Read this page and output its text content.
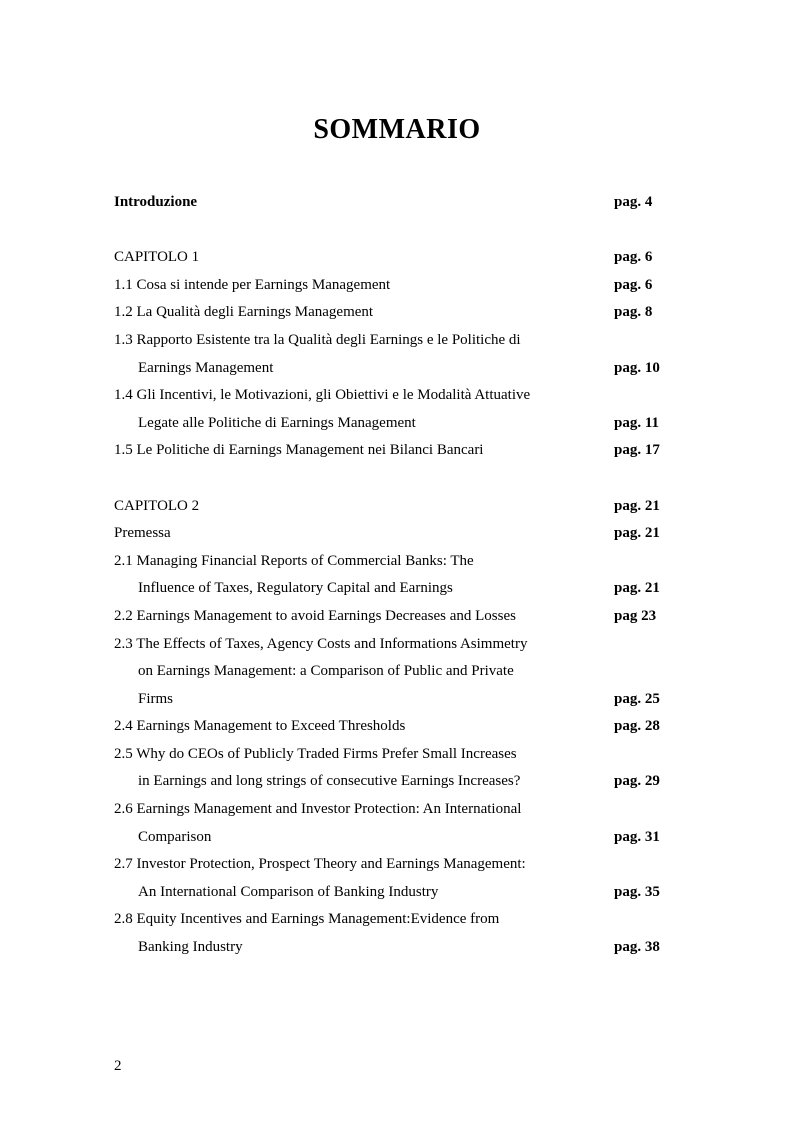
SOMMARIO
Introduzione	pag. 4
CAPITOLO 1	pag. 6
1.1 Cosa si intende per Earnings Management	pag. 6
1.2 La Qualità degli Earnings Management	pag. 8
1.3 Rapporto Esistente tra la Qualità degli Earnings e le Politiche di
Earnings Management	pag. 10
1.4 Gli Incentivi, le Motivazioni, gli Obiettivi e le Modalità Attuative
Legate alle Politiche di Earnings Management	pag. 11
1.5 Le Politiche di Earnings Management nei Bilanci Bancari	pag. 17
CAPITOLO 2	pag. 21
Premessa	pag. 21
2.1 Managing Financial Reports of Commercial Banks: The
Influence of Taxes, Regulatory Capital and Earnings	pag. 21
2.2 Earnings Management to avoid Earnings Decreases and Losses	pag 23
2.3 The Effects of Taxes, Agency Costs and Informations Asimmetry
on Earnings Management: a Comparison of Public and Private
Firms	pag. 25
2.4 Earnings Management to Exceed Thresholds	pag. 28
2.5 Why do CEOs of Publicly Traded Firms Prefer Small Increases
in Earnings and long strings of consecutive Earnings Increases?	pag. 29
2.6 Earnings Management and Investor Protection: An International
Comparison	pag. 31
2.7 Investor Protection, Prospect Theory and Earnings Management:
An International Comparison of Banking Industry	pag. 35
2.8 Equity Incentives and Earnings Management:Evidence from
Banking Industry	pag. 38
2
